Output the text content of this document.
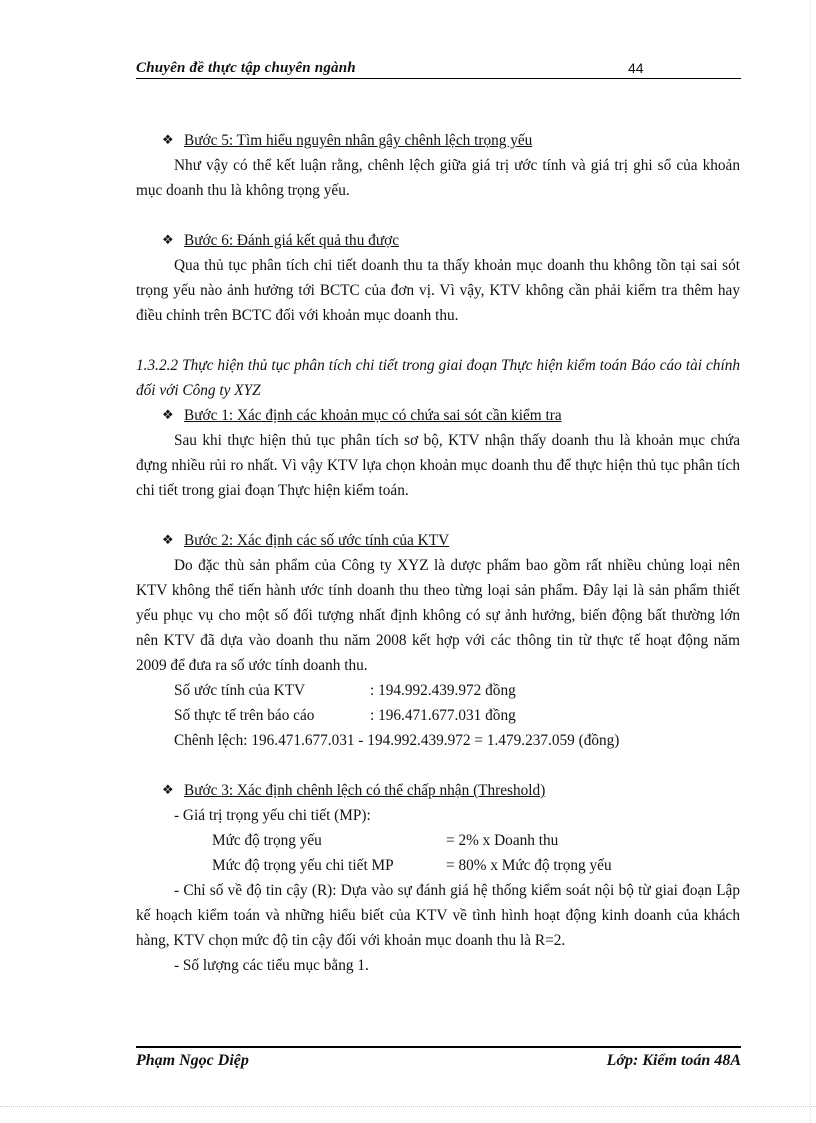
Chuyên đề thực tập chuyên ngành	44
❖ Bước 5: Tìm hiểu nguyên nhân gây chênh lệch trọng yếu

Như vậy có thể kết luận rằng, chênh lệch giữa giá trị ước tính và giá trị ghi sổ của khoản mục doanh thu là không trọng yếu.

❖ Bước 6: Đánh giá kết quả thu được

Qua thủ tục phân tích chi tiết doanh thu ta thấy khoản mục doanh thu không tồn tại sai sót trọng yếu nào ảnh hưởng tới BCTC của đơn vị. Vì vậy, KTV không cần phải kiểm tra thêm hay điều chỉnh trên BCTC đối với khoản mục doanh thu.

1.3.2.2 Thực hiện thủ tục phân tích chi tiết trong giai đoạn Thực hiện kiểm toán Báo cáo tài chính đối với Công ty XYZ

❖ Bước 1: Xác định các khoản mục có chứa sai sót cần kiểm tra

Sau khi thực hiện thủ tục phân tích sơ bộ, KTV nhận thấy doanh thu là khoản mục chứa đựng nhiều rủi ro nhất. Vì vậy KTV lựa chọn khoản mục doanh thu để thực hiện thủ tục phân tích chi tiết trong giai đoạn Thực hiện kiểm toán.

❖ Bước 2: Xác định các số ước tính của KTV

Do đặc thù sản phẩm của Công ty XYZ là dược phẩm bao gồm rất nhiều chủng loại nên KTV không thể tiến hành ước tính doanh thu theo từng loại sản phẩm. Đây lại là sản phẩm thiết yếu phục vụ cho một số đối tượng nhất định không có sự ảnh hưởng, biến động bất thường lớn nên KTV đã dựa vào doanh thu năm 2008 kết hợp với các thông tin từ thực tế hoạt động năm 2009 để đưa ra số ước tính doanh thu.

Số ước tính của KTV	: 194.992.439.972 đồng
Số thực tế trên báo cáo	: 196.471.677.031 đồng
Chênh lệch: 196.471.677.031 - 194.992.439.972 = 1.479.237.059 (đồng)
❖ Bước 3: Xác định chênh lệch có thể chấp nhận (Threshold)
- Giá trị trọng yếu chi tiết (MP):
Mức độ trọng yếu	= 2% x Doanh thu
Mức độ trọng yếu chi tiết MP	= 80% x Mức độ trọng yếu

- Chỉ số về độ tin cậy (R): Dựa vào sự đánh giá hệ thống kiểm soát nội bộ từ giai đoạn Lập kế hoạch kiểm toán và những hiểu biết của KTV về tình hình hoạt động kinh doanh của khách hàng, KTV chọn mức độ tin cậy đối với khoản mục doanh thu là R=2.

- Số lượng các tiểu mục bằng 1.
Phạm Ngọc Diệp	Lớp: Kiểm toán 48A
